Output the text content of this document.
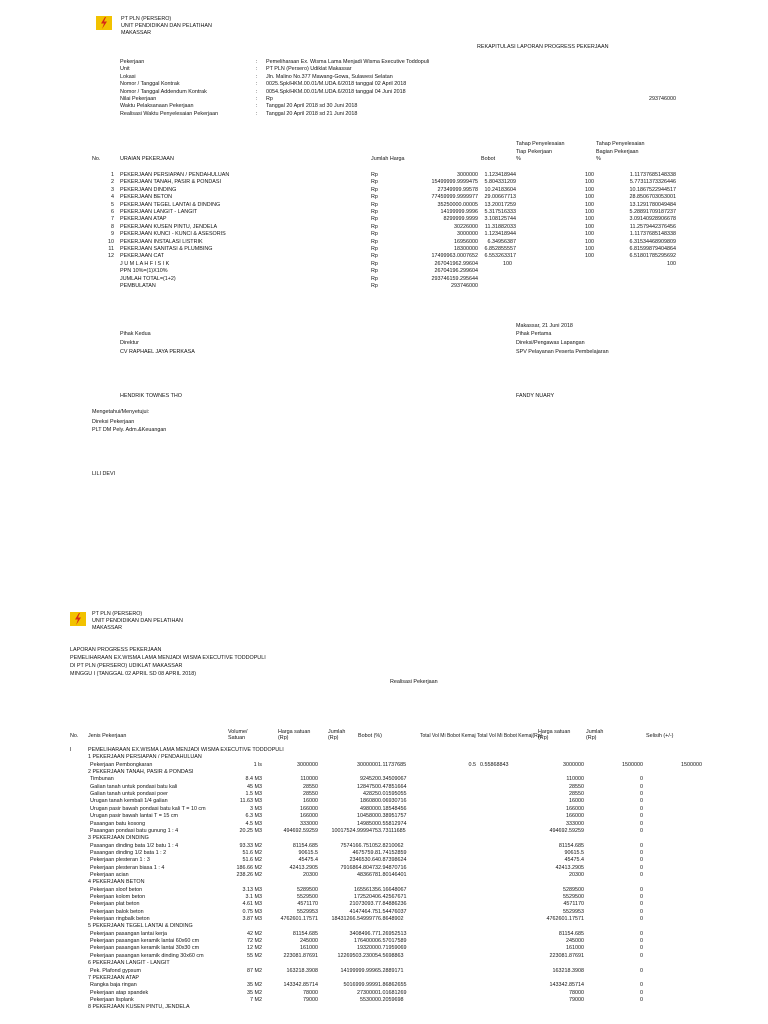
PT PLN (PERSERO)
UNIT PENDIDIKAN DAN PELATIHAN
MAKASSAR
REKAPITULASI LAPORAN PROGRESS PEKERJAAN
Pekerjaan	: Pemeliharaan Ex. Wisma Lama Menjadi Wisma Executive Toddopuli
Unit	: PT PLN (Persero) Udiklat Makassar
Lokasi	: Jln. Malino No.377 Mawang-Gowa, Sulawesi Selatan
Nomor / Tanggal Kontrak	: 0025.Spk/HKM.00.01/M.UDA.6/2018 tanggal 02 April 2018
Nomor / Tanggal Addendum Kontrak	: 0054.Spk/HKM.00.01/M.UDA.6/2018 tanggal 04 Juni 2018
Nilai Pekerjaan	: Rp	293746000
Waktu Pelaksanaan Pekerjaan	: Tanggal 20 April 2018 sd 30 Juni 2018
Realisasi Waktu Penyelesaian Pekerjaan	: Tanggal 20 April 2018 sd 21 Juni 2018
Tahap Penyelesaian
Tiap Pekerjaan
%
Tahap Penyelesaian
Bagian Pekerjaan
%
No.	URAIAN PEKERJAAN	Jumlah Harga	Bobot
1 PEKERJAAN PERSIAPAN / PENDAHULUAN	Rp	3000000	1.123418944	100	1.11737685148338
2 PEKERJAAN TANAH, PASIR & PONDASI	Rp	15499999.9999475	5.804331209	100	5.77311373326446
3 PEKERJAAN DINDING	Rp	27349999.99578	10.24183604	100	10.1867522944517
4 PEKERJAAN BETON	Rp	77459999.9999977	29.00667713	100	28.8506703053001
5 PEKERJAAN TEGEL LANTAI & DINDING	Rp	35250000.00005	13.20017259	100	13.1291780049484
6 PEKERJAAN LANGIT - LANGIT	Rp	14199999.9996	5.317516333	100	5.28891709187237
7 PEKERJAAN ATAP	Rp	8299999.9999	3.108125744	100	3.09140928906678
8 PEKERJAAN KUSEN PINTU, JENDELA	Rp	30226000	11.31882033	100	11.2579442376456
9 PEKERJAAN KUNCI - KUNCI & ASESORIS	Rp	3000000	1.123418944	100	1.11737685148338
10 PEKERJAAN INSTALASI LISTRIK	Rp	16956000	6.34956387	100	6.31534468909809
11 PEKERJAAN SANITASI & PLUMBING	Rp	18300000	6.852855557	100	6.81599879404864
12 PEKERJAAN CAT	Rp	17499963.0007652	6.553263317	100	6.51801785295692
J U M L A H F I S I K	Rp	267041962.99604	100	100
PPN 10%=(1)X10%	Rp	26704196.299604
JUMLAH TOTAL=(1+2)	Rp	293746159.295644
PEMBULATAN	Rp	293746000
Makassar, 21 Juni 2018
Pihak Kedua	Pihak Pertama
Direktur	Direksi/Pengawas Lapangan
CV RAPHAEL JAYA PERKASA	SPV Pelayanan Peserta Pembelajaran
HENDRIK TOWNES THO	FANDY NUARY
Mengetahui/Menyetujui:
Direksi Pekerjaan
PLT DM Pely. Adm.&Keuangan
LILI DEVI
PT PLN (PERSERO)
UNIT PENDIDIKAN DAN PELATIHAN
MAKASSAR
LAPORAN PROGRESS PEKERJAAN
PEMELIHARAAN EX.WISMA LAMA MENJADI WISMA EXECUTIVE TODDOPULI
DI PT PLN (PERSERO) UDIKLAT MAKASSAR
MINGGU I (TANGGAL 02 APRIL SD 08 APRIL 2018)
Realisasi Pekerjaan
Volume/
Satuan
Harga satuan
(Rp)
Jumlah
(Rp)
Harga satuan
(Rp)
Jumlah
(Rp)
No. Jenis Pekerjaan	Bobot (%)	Total Vol Mi Bobot Kemaj Total Vol Mi Bobot Kemaj(Rp)	Selisih (+/-)
I	PEMELIHARAAN EX.WISMA LAMA MENJADI WISMA EXECUTIVE TODDOPULI
1 PEKERJAAN PERSIAPAN / PENDAHULUAN
Pekerjaan Pembongkaran	1 ls	3000000	3000000 1.11737685	0.5 0.55868843	3000000	1500000	1500000
2 PEKERJAAN TANAH, PASIR & PONDASI
Timbunan	8.4 M3	110000	924520 0.34509067	110000	0
Galian tanah untuk pondasi batu kali	45 M3	28550	1284750 0.47851664	28550	0
Galian tanah untuk pondasi poer	1.5 M3	28550	42825 0.01595055	28550	0
Urugan tanah kembali 1/4 galian	11.63 M3	16000	186080 0.06930716	16000	0
Urugan pasir bawah pondasi batu kali T = 10 cm	3 M3	166000	498000 0.18548456	166000	0
Urugan pasir bawah lantai T = 15 cm	6.3 M3	166000	1045800 0.38951757	166000	0
Pasangan batu kosong	4.5 M3	333000	1498500 0.55812974	333000	0
Pasangan pondasi batu gunung 1 : 4	20.25 M3	494692.59259	10017524.9999475 3.73111685	494692.59259	0
3 PEKERJAAN DINDING
Pasangan dinding bata 1/2 batu 1 : 4	93.33 M2	81154.685	7574166.75105 2.8210062	81154.685	0
Pasangan dinding 1/2 bata 1 : 2	51.6 M2	90615.5	4675759.8 1.74152859	90615.5	0
Pekerjaan plesteran 1 : 3	51.6 M2	45475.4	2346530.64 0.87398624	45475.4	0
Pekerjaan plesteran biasa 1 : 4	186.66 M2	42413.2905	7916864.80473 2.94870716	42413.2905	0
Pekerjaan acian	238.26 M2	20300	4836678 1.80146401	20300	0
4 PEKERJAAN BETON
Pekerjaan sloof beton	3.13 M3	5289500	16556135 6.16648067	5289500	0
Pekerjaan kolom beton	3.1 M3	5529500	17252040 6.42567671	5529500	0
Pekerjaan plat beton	4.61 M3	4571170	21073093.7 7.84886236	4571170	0
Pekerjaan balok beton	0.75 M3	5529953	4147464.75 1.54476037	5529953	0
Pekerjaan ringbalk beton	3.87 M3	4762601.17571	18431266.5499977 6.8648902	4762601.17571	0
5 PEKERJAAN TEGEL LANTAI & DINDING
Pekerjaan pasangan lantai kerja	42 M2	81154.685	3408496.77 1.26952513	81154.685	0
Pekerjaan pasangan keramik lantai 60x60 cm	72 M2	245000	17640000 6.57017589	245000	0
Pekerjaan pasangan keramik lantai 30x30 cm	12 M2	161000	1932000 0.71959069	161000	0
Pekerjaan pasangan keramik dinding 30x60 cm	55 M2	223081.87691	12269503.23005 4.5698863	223081.87691	0
6 PEKERJAAN LANGIT - LANGIT
Pek. Plafond gypsum	87 M2	163218.3908	14199999.9996 5.2889171	163218.3908	0
7 PEKERJAAN ATAP
Rangka baja ringan	35 M2	143342.85714	5016999.9999 1.86862655	143342.85714	0
Pekerjaan atap spandek	35 M2	78000	2730000 1.01681269	78000	0
Pekerjaan lisplank	7 M2	79000	553000 0.2059698	79000	0
8 PEKERJAAN KUSEN PINTU, JENDELA
